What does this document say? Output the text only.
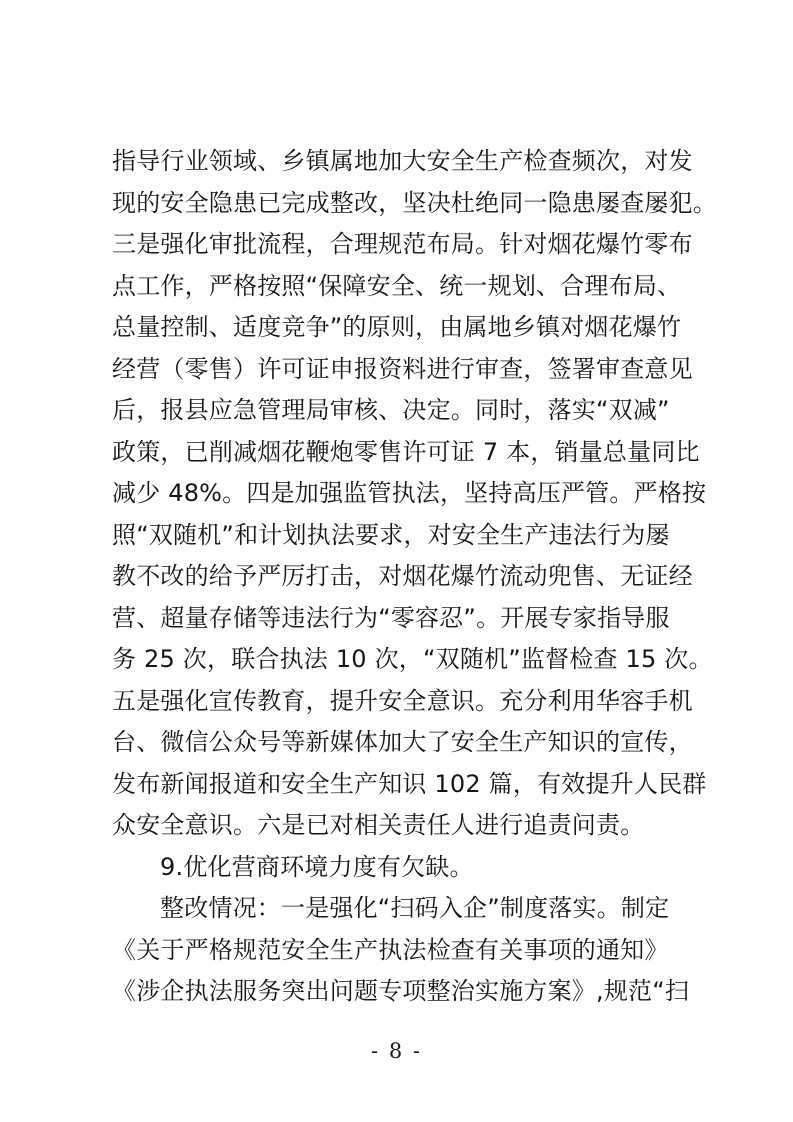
指导行业领域、乡镇属地加大安全生产检查频次，对发
现的安全隐患已完成整改，坚决杜绝同一隐患屡查屡犯。
三是强化审批流程，合理规范布局。针对烟花爆竹零布
点工作，严格按照“保障安全、统一规划、合理布局、
总量控制、适度竞争”的原则，由属地乡镇对烟花爆竹
经营（零售）许可证申报资料进行审查，签署审查意见
后，报县应急管理局审核、决定。同时，落实“双减”
政策，已削减烟花鞭炮零售许可证 7 本，销量总量同比
减少 48%。四是加强监管执法，坚持高压严管。严格按
照“双随机”和计划执法要求，对安全生产违法行为屡
教不改的给予严厉打击，对烟花爆竹流动兜售、无证经
营、超量存储等违法行为“零容忍”。开展专家指导服
务 25 次，联合执法 10 次，“双随机”监督检查 15 次。
五是强化宣传教育，提升安全意识。充分利用华容手机
台、微信公众号等新媒体加大了安全生产知识的宣传，
发布新闻报道和安全生产知识 102 篇，有效提升人民群
众安全意识。六是已对相关责任人进行追责问责。
9.优化营商环境力度有欠缺。
整改情况：一是强化“扫码入企”制度落实。制定
《关于严格规范安全生产执法检查有关事项的通知》
《涉企执法服务突出问题专项整治实施方案》,规范“扫
- 8 -
